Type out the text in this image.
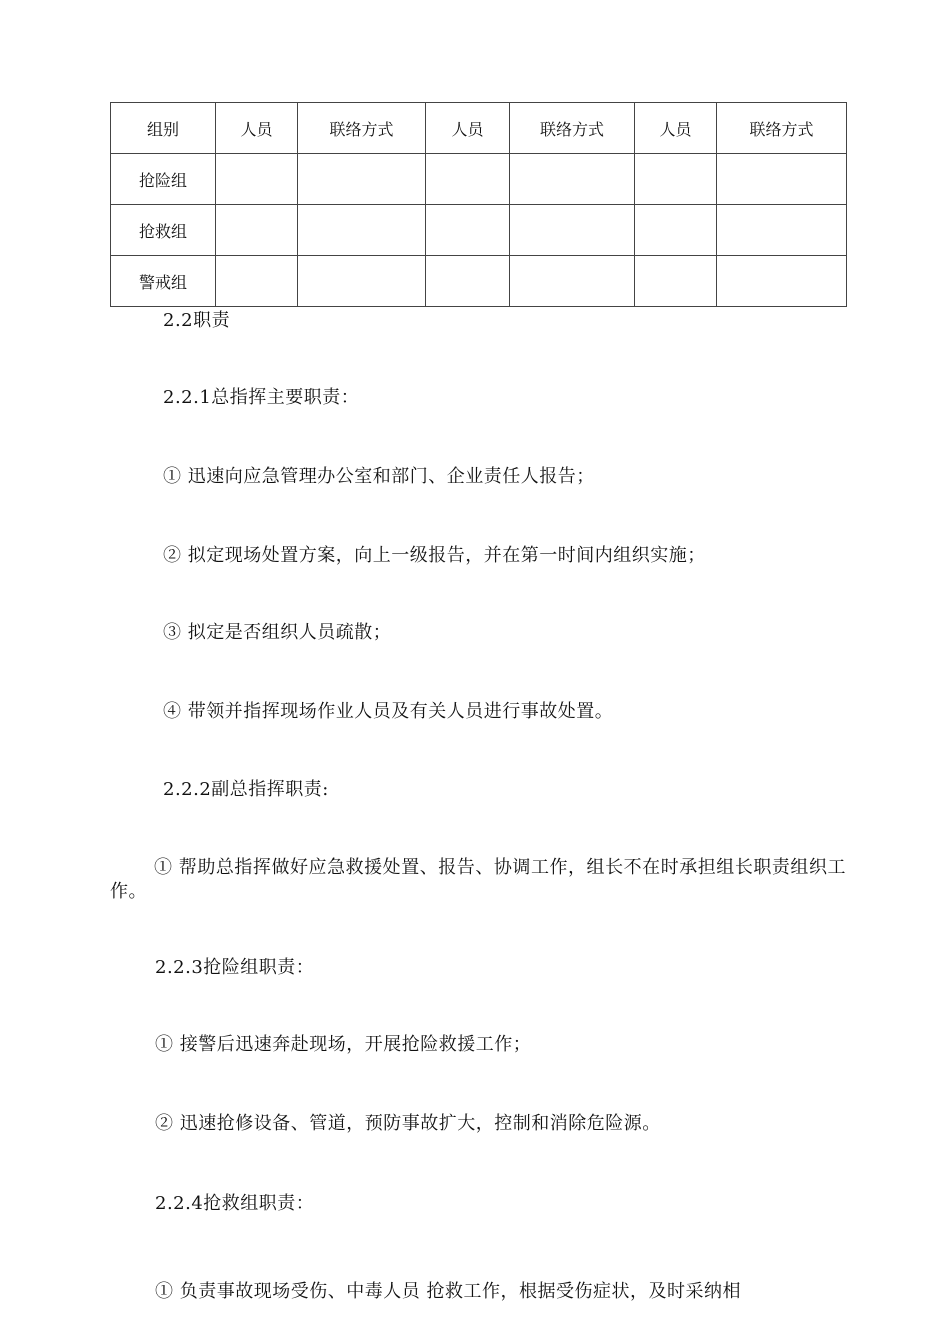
组别	人员	联络方式	人员	联络方式	人员	联络方式
抢险组						
抢救组						
警戒组						
2.2职责
2.2.1总指挥主要职责：
① 迅速向应急管理办公室和部门、企业责任人报告；
② 拟定现场处置方案，向上一级报告，并在第一时间内组织实施；
③ 拟定是否组织人员疏散；
④ 带领并指挥现场作业人员及有关人员进行事故处置。
2.2.2副总指挥职责:
① 帮助总指挥做好应急救援处置、报告、协调工作，组长不在时承担组长职责组织工作。
2.2.3抢险组职责：
① 接警后迅速奔赴现场，开展抢险救援工作；
② 迅速抢修设备、管道，预防事故扩大，控制和消除危险源。
2.2.4抢救组职责：
① 负责事故现场受伤、中毒人员 抢救工作，根据受伤症状，及时采纳相
